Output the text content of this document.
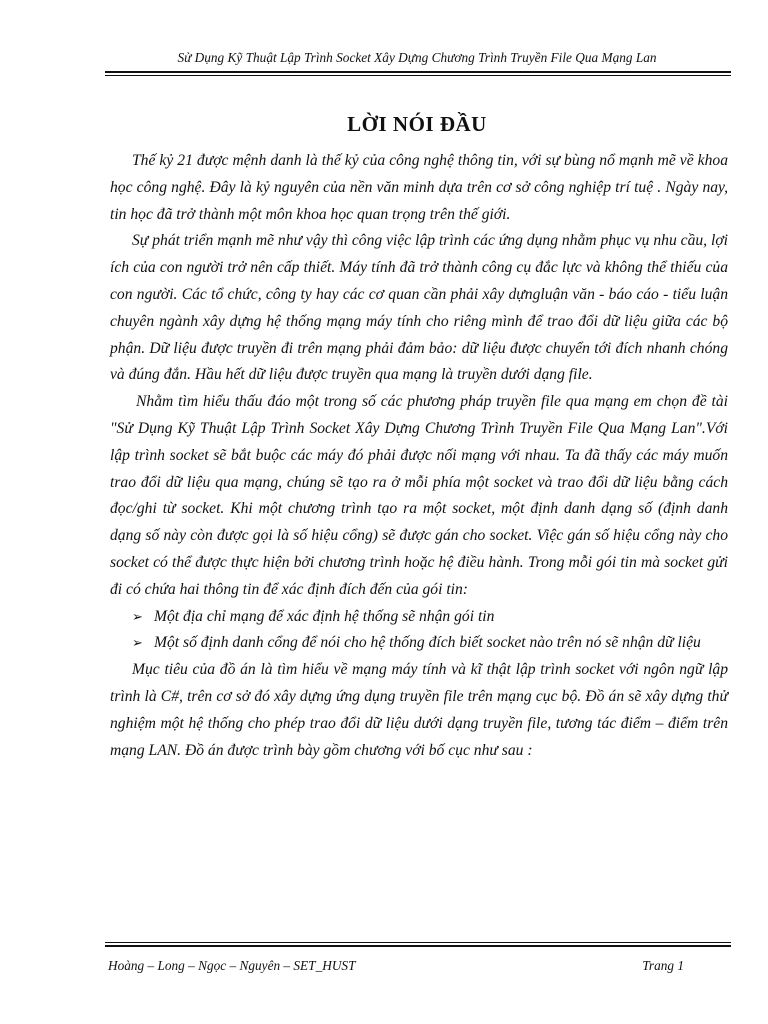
Sử Dụng Kỹ Thuật Lập Trình Socket Xây Dựng Chương Trình Truyền File Qua Mạng Lan
LỜI NÓI ĐẦU

Thế kỷ 21 được mệnh danh là thế kỷ của công nghệ thông tin, với sự bùng nổ mạnh mẽ về khoa học công nghệ. Đây là kỷ nguyên của nền văn minh dựa trên cơ sở công nghiệp trí tuệ . Ngày nay, tin học đã trở thành một môn khoa học quan trọng trên thế giới.

Sự phát triển mạnh mẽ như vậy thì công việc lập trình các ứng dụng nhằm phục vụ nhu cầu, lợi ích của con người trở nên cấp thiết. Máy tính đã trở thành công cụ đắc lực và không thể thiếu của con người. Các tổ chức, công ty hay các cơ quan cần phải xây dựngluận văn - báo cáo - tiểu luận chuyên ngành xây dựng hệ thống mạng máy tính cho riêng mình để trao đổi dữ liệu giữa các bộ phận. Dữ liệu được truyền đi trên mạng phải đảm bảo: dữ liệu được chuyển tới đích nhanh chóng và đúng đắn. Hầu hết dữ liệu được truyền qua mạng là truyền dưới dạng file.

Nhằm tìm hiểu thấu đáo một trong số các phương pháp truyền file qua mạng em chọn đề tài "Sử Dụng Kỹ Thuật Lập Trình Socket Xây Dựng Chương Trình Truyền File Qua Mạng Lan".Với lập trình socket sẽ bắt buộc các máy đó phải được nối mạng với nhau. Ta đã thấy các máy muốn trao đổi dữ liệu qua mạng, chúng sẽ tạo ra ở mỗi phía một socket và trao đổi dữ liệu bằng cách đọc/ghi từ socket. Khi một chương trình tạo ra một socket, một định danh dạng số (định danh dạng số này còn được gọi là số hiệu cổng) sẽ được gán cho socket. Việc gán số hiệu cổng này cho socket có thể được thực hiện bởi chương trình hoặc hệ điều hành. Trong mỗi gói tin mà socket gửi đi có chứa hai thông tin để xác định đích đến của gói tin:

➢ Một địa chỉ mạng để xác định hệ thống sẽ nhận gói tin
➢ Một số định danh cổng để nói cho hệ thống đích biết socket nào trên nó sẽ nhận dữ liệu

Mục tiêu của đồ án là tìm hiểu về mạng máy tính và kĩ thật lập trình socket với ngôn ngữ lập trình là C#, trên cơ sở đó xây dựng ứng dụng truyền file trên mạng cục bộ. Đồ án sẽ xây dựng thử nghiệm một hệ thống cho phép trao đổi dữ liệu dưới dạng truyền file, tương tác điểm – điểm trên mạng LAN. Đồ án được trình bày gồm chương với bố cục như sau :

Hoàng – Long – Ngọc – Nguyên – SET_HUST	Trang 1
